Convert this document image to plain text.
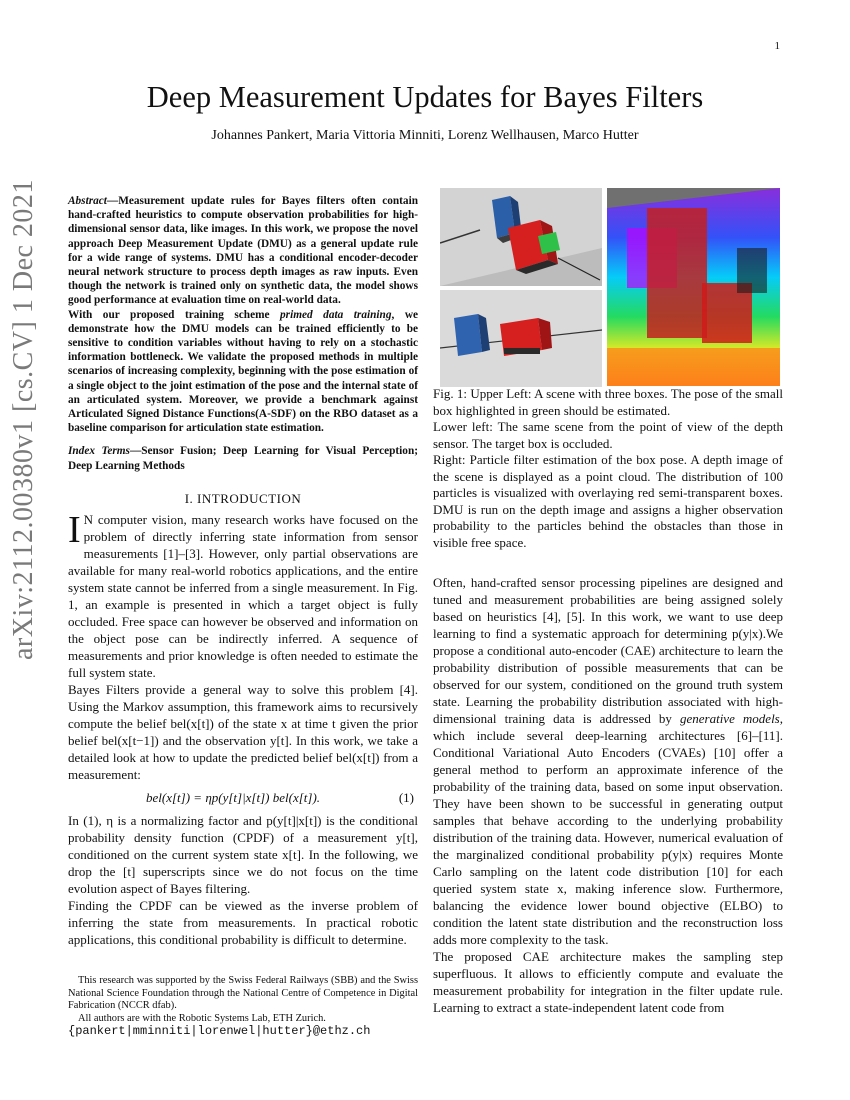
1
arXiv:2112.00380v1 [cs.CV] 1 Dec 2021
Deep Measurement Updates for Bayes Filters
Johannes Pankert, Maria Vittoria Minniti, Lorenz Wellhausen, Marco Hutter

Abstract—Measurement update rules for Bayes filters often contain hand-crafted heuristics to compute observation probabilities for high-dimensional sensor data, like images. In this work, we propose the novel approach Deep Measurement Update (DMU) as a general update rule for a wide range of systems. DMU has a conditional encoder-decoder neural network structure to process depth images as raw inputs. Even though the network is trained only on synthetic data, the model shows good performance at evaluation time on real-world data.

With our proposed training scheme primed data training, we demonstrate how the DMU models can be trained efficiently to be sensitive to condition variables without having to rely on a stochastic information bottleneck. We validate the proposed methods in multiple scenarios of increasing complexity, beginning with the pose estimation of a single object to the joint estimation of the pose and the internal state of an articulated system. Moreover, we provide a benchmark against Articulated Signed Distance Functions(A-SDF) on the RBO dataset as a baseline comparison for articulation state estimation.

Index Terms—Sensor Fusion; Deep Learning for Visual Perception; Deep Learning Methods
I. INTRODUCTION

I N computer vision, many research works have focused on the problem of directly inferring state information from sensor measurements [1]–[3]. However, only partial observations are available for many real-world robotics applications, and the entire system state cannot be inferred from a single measurement. In Fig. 1, an example is presented in which a target object is fully occluded. Free space can however be observed and information on the object pose can be indirectly inferred. A sequence of measurements and prior knowledge is often needed to estimate the full system state.

Bayes Filters provide a general way to solve this problem [4]. Using the Markov assumption, this framework aims to recursively compute the belief bel(x[t]) of the state x at time t given the prior belief bel(x[t−1]) and the observation y[t]. In this work, we take a detailed look at how to update the predicted belief bel(x[t]) from a measurement:

bel(x[t]) = ηp(y[t]|x[t]) bel(x[t]).	(1)

In (1), η is a normalizing factor and p(y[t]|x[t]) is the conditional probability density function (CPDF) of a measurement y[t], conditioned on the current system state x[t]. In the following, we drop the [t] superscripts since we do not focus on the time evolution aspect of Bayes filtering.

Finding the CPDF can be viewed as the inverse problem of inferring the state from measurements. In practical robotic applications, this conditional probability is difficult to determine.

This research was supported by the Swiss Federal Railways (SBB) and the Swiss National Science Foundation through the National Centre of Competence in Digital Fabrication (NCCR dfab).

All authors are with the Robotic Systems Lab, ETH Zurich.

{pankert|mminniti|lorenwel|hutter}@ethz.ch

Fig. 1: Upper Left: A scene with three boxes. The pose of the small box highlighted in green should be estimated.

Lower left: The same scene from the point of view of the depth sensor. The target box is occluded.

Right: Particle filter estimation of the box pose. A depth image of the scene is displayed as a point cloud. The distribution of 100 particles is visualized with overlaying red semi-transparent boxes. DMU is run on the depth image and assigns a higher observation probability to the particles behind the obstacles than those in visible free space.

Often, hand-crafted sensor processing pipelines are designed and tuned and measurement probabilities are being assigned solely based on heuristics [4], [5]. In this work, we want to use deep learning to find a systematic approach for determining p(y|x).We propose a conditional auto-encoder (CAE) architecture to learn the probability distribution of possible measurements that can be observed for our system, conditioned on the ground truth system state. Learning the probability distribution associated with high-dimensional training data is addressed by generative models, which include several deep-learning architectures [6]–[11]. Conditional Variational Auto Encoders (CVAEs) [10] offer a general method to perform an approximate inference of the probability of the training data, based on some input observation. They have been shown to be successful in generating output samples that behave according to the underlying probability distribution of the training data. However, numerical evaluation of the marginalized conditional probability p(y|x) requires Monte Carlo sampling on the latent code distribution [10] for each queried system state x, making inference slow. Furthermore, balancing the evidence lower bound objective (ELBO) to condition the latent state distribution and the reconstruction loss adds more complexity to the task.

The proposed CAE architecture makes the sampling step superfluous. It allows to efficiently compute and evaluate the measurement probability for integration in the filter update rule. Learning to extract a state-independent latent code from
